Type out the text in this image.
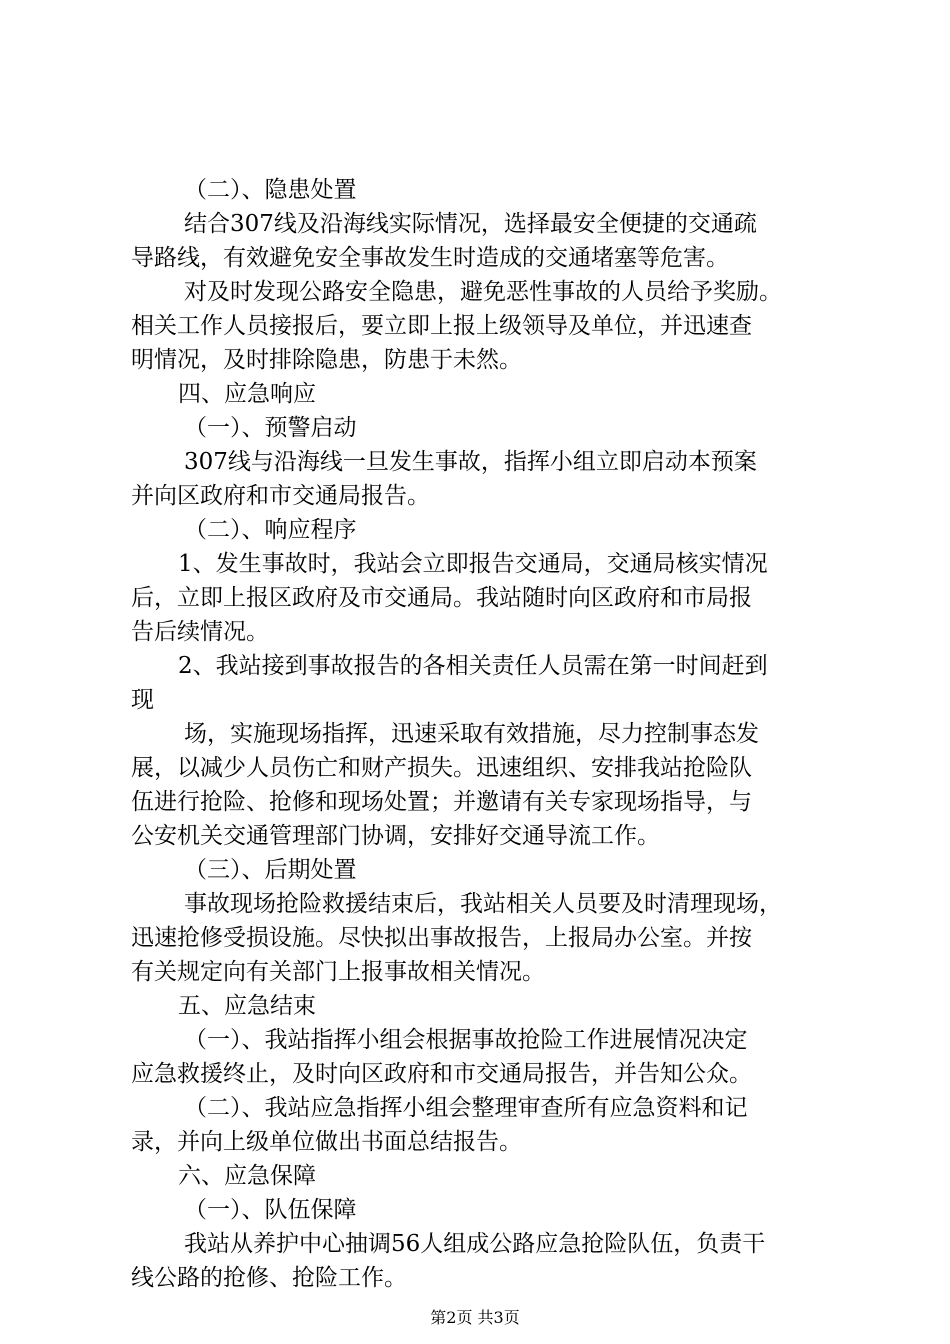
（二）、隐患处置
结合307线及沿海线实际情况，选择最安全便捷的交通疏
导路线，有效避免安全事故发生时造成的交通堵塞等危害。
对及时发现公路安全隐患，避免恶性事故的人员给予奖励。
相关工作人员接报后，要立即上报上级领导及单位，并迅速查
明情况，及时排除隐患，防患于未然。
四、应急响应
（一）、预警启动
307线与沿海线一旦发生事故，指挥小组立即启动本预案
并向区政府和市交通局报告。
（二）、响应程序
1、发生事故时，我站会立即报告交通局，交通局核实情况
后，立即上报区政府及市交通局。我站随时向区政府和市局报
告后续情况。
2、我站接到事故报告的各相关责任人员需在第一时间赶到
现
场，实施现场指挥，迅速采取有效措施，尽力控制事态发
展，以减少人员伤亡和财产损失。迅速组织、安排我站抢险队
伍进行抢险、抢修和现场处置；并邀请有关专家现场指导，与
公安机关交通管理部门协调，安排好交通导流工作。
（三）、后期处置
事故现场抢险救援结束后，我站相关人员要及时清理现场，
迅速抢修受损设施。尽快拟出事故报告，上报局办公室。并按
有关规定向有关部门上报事故相关情况。
五、应急结束
（一）、我站指挥小组会根据事故抢险工作进展情况决定
应急救援终止，及时向区政府和市交通局报告，并告知公众。
（二）、我站应急指挥小组会整理审查所有应急资料和记
录，并向上级单位做出书面总结报告。
六、应急保障
（一）、队伍保障
我站从养护中心抽调56人组成公路应急抢险队伍，负责干
线公路的抢修、抢险工作。
第2页 共3页
